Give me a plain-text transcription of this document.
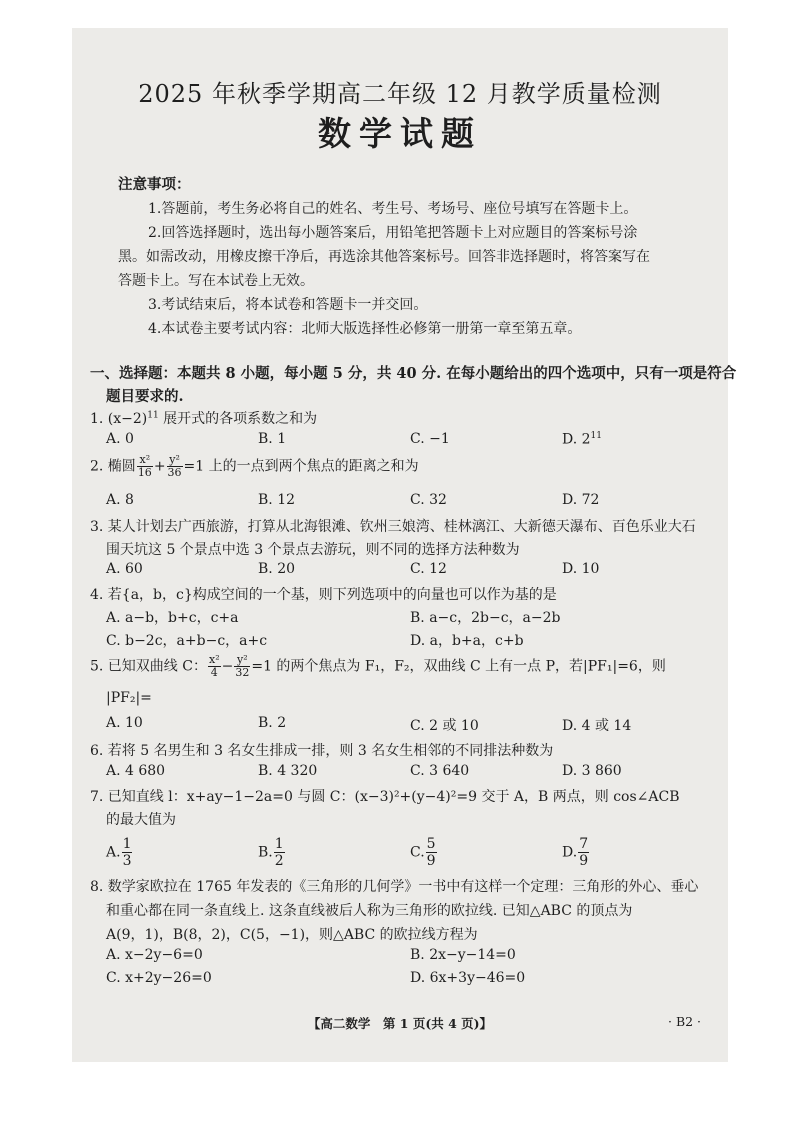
2025 年秋季学期高二年级 12 月教学质量检测
数学试题
注意事项：
1.答题前，考生务必将自己的姓名、考生号、考场号、座位号填写在答题卡上。
2.回答选择题时，选出每小题答案后，用铅笔把答题卡上对应题目的答案标号涂
黑。如需改动，用橡皮擦干净后，再选涂其他答案标号。回答非选择题时，将答案写在
答题卡上。写在本试卷上无效。
3.考试结束后，将本试卷和答题卡一并交回。
4.本试卷主要考试内容：北师大版选择性必修第一册第一章至第五章。
一、选择题：本题共 8 小题，每小题 5 分，共 40 分. 在每小题给出的四个选项中，只有一项是符合
题目要求的.
1. $(x-2)^{11}$ 展开式的各项系数之和为
A. 0	B. 1	C. −1	D. $2^{11}$
2. 椭圆 $\frac{\text{x²}}{16} + \frac{\text{y²}}{36} =1$ 上的一点到两个焦点的距离之和为
A. 8	B. 12	C. 32	D. 72
3. 某人计划去广西旅游，打算从北海银滩、钦州三娘湾、桂林漓江、大新德天瀑布、百色乐业大石
围天坑这 5 个景点中选 3 个景点去游玩，则不同的选择方法种数为
A. 60	B. 20	C. 12	D. 10
4. 若{a，b，c}构成空间的一个基，则下列选项中的向量也可以作为基的是
A. a−b，b+c，c+a	B. a−c，2b−c，a−2b
C. b−2c，a+b−c，a+c	D. a，b+a，c+b
5. 已知双曲线 C： $\frac{\text{x²}}{4} - \frac{\text{y²}}{32} =1$ 的两个焦点为 F₁，F₂，双曲线 C 上有一点 P，若|PF₁|=6，则
|PF₂|=
A. 10	B. 2	C. 2 或 10	D. 4 或 14
6. 若将 5 名男生和 3 名女生排成一排，则 3 名女生相邻的不同排法种数为
A. 4 680	B. 4 320	C. 3 640	D. 3 860
7. 已知直线 l：x+ay−1−2a=0 与圆 C：(x−3)²+(y−4)²=9 交于 A，B 两点，则 cos∠ACB
的最大值为
A. $\frac{1}{3}$	B. $\frac{1}{2}$	C. $\frac{5}{9}$	D. $\frac{7}{9}$
8. 数学家欧拉在 1765 年发表的《三角形的几何学》一书中有这样一个定理：三角形的外心、垂心
和重心都在同一条直线上. 这条直线被后人称为三角形的欧拉线. 已知△ABC 的顶点为
A(9，1)，B(8，2)，C(5，−1)，则△ABC 的欧拉线方程为
A. x−2y−6=0	B. 2x−y−14=0
C. x+2y−26=0	D. 6x+3y−46=0
【高二数学　第 1 页(共 4 页)】	· B2 ·
